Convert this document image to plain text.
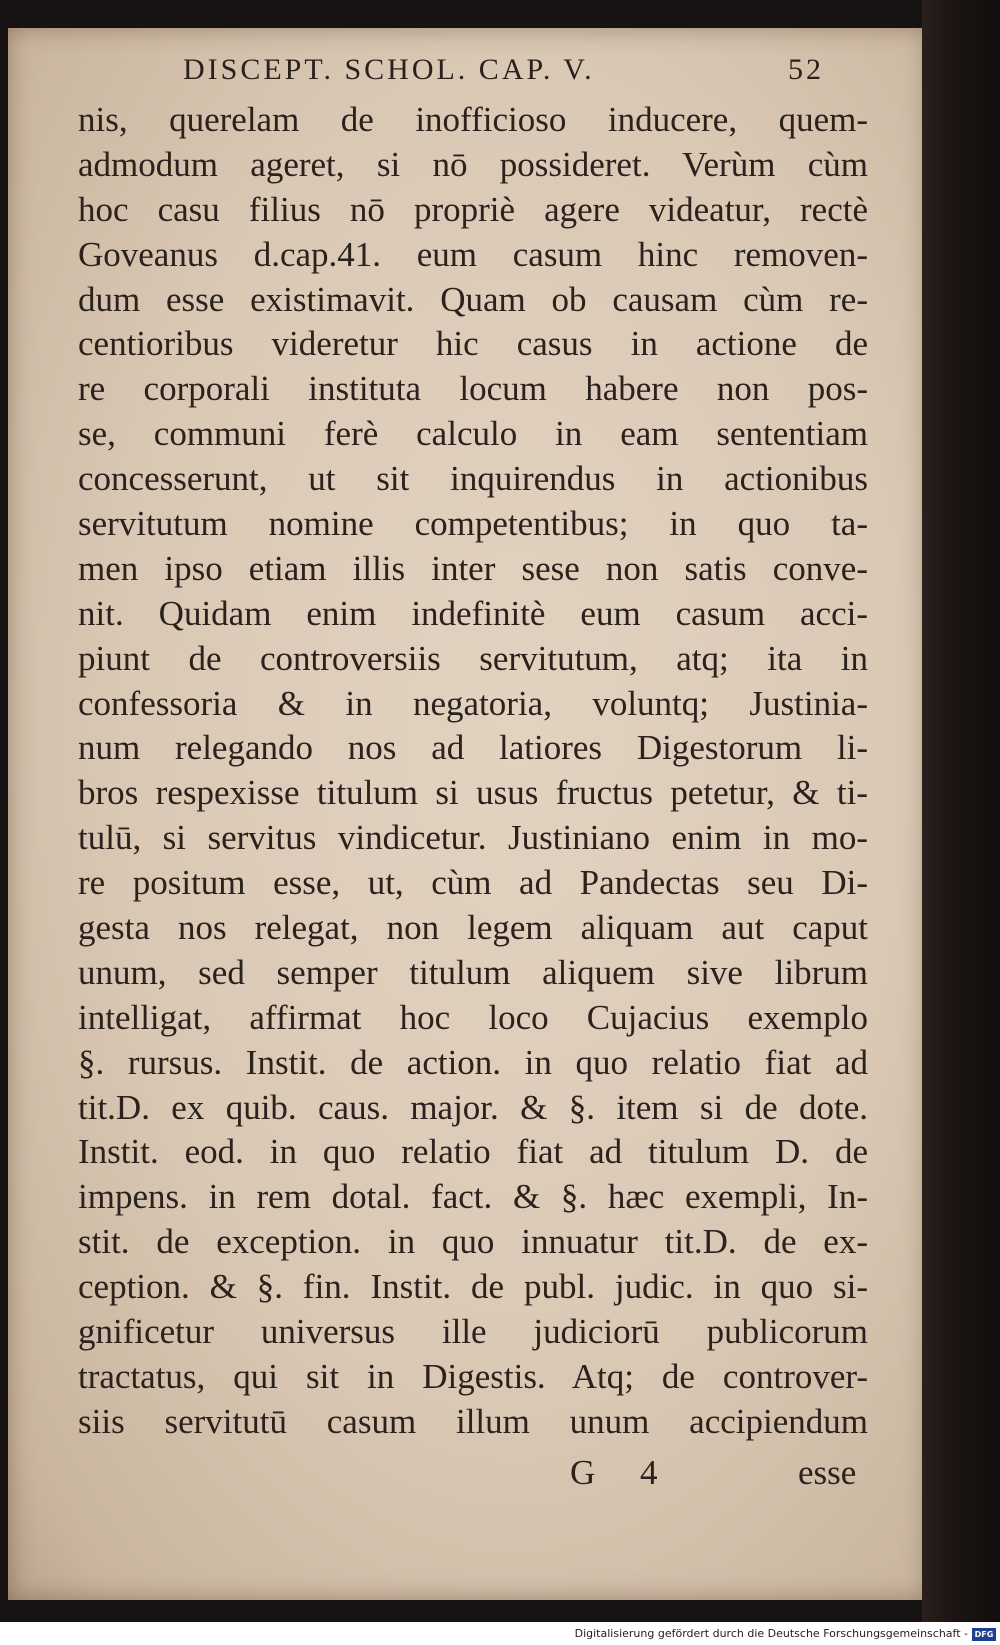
DISCEPT. SCHOL. CAP. V.	52
nis, querelam de inofficioso inducere, quem-
admodum ageret, si nō possideret. Verùm cùm
hoc casu filius nō propriè agere videatur, rectè
Goveanus d.cap.41. eum casum hinc removen-
dum esse existimavit. Quam ob causam cùm re-
centioribus videretur hic casus in actione de
re corporali instituta locum habere non pos-
se, communi ferè calculo in eam sententiam
concesserunt, ut sit inquirendus in actionibus
servitutum nomine competentibus; in quo ta-
men ipso etiam illis inter sese non satis conve-
nit. Quidam enim indefinitè eum casum acci-
piunt de controversiis servitutum, atq; ita in
confessoria & in negatoria, voluntq; Justinia-
num relegando nos ad latiores Digestorum li-
bros respexisse titulum si usus fructus petetur, & ti-
tulū, si servitus vindicetur. Justiniano enim in mo-
re positum esse, ut, cùm ad Pandectas seu Di-
gesta nos relegat, non legem aliquam aut caput
unum, sed semper titulum aliquem sive librum
intelligat, affirmat hoc loco Cujacius exemplo
§. rursus. Instit. de action. in quo relatio fiat ad
tit.D. ex quib. caus. major. & §. item si de dote.
Instit. eod. in quo relatio fiat ad titulum D. de
impens. in rem dotal. fact. & §. hæc exempli, In-
stit. de exception. in quo innuatur tit.D. de ex-
ception. & §. fin. Instit. de publ. judic. in quo si-
gnificetur universus ille judiciorū publicorum
tractatus, qui sit in Digestis. Atq; de controver-
siis servitutū casum illum unum accipiendum
G 4	esse
Digitalisierung gefördert durch die Deutsche Forschungsgemeinschaft - DFG
